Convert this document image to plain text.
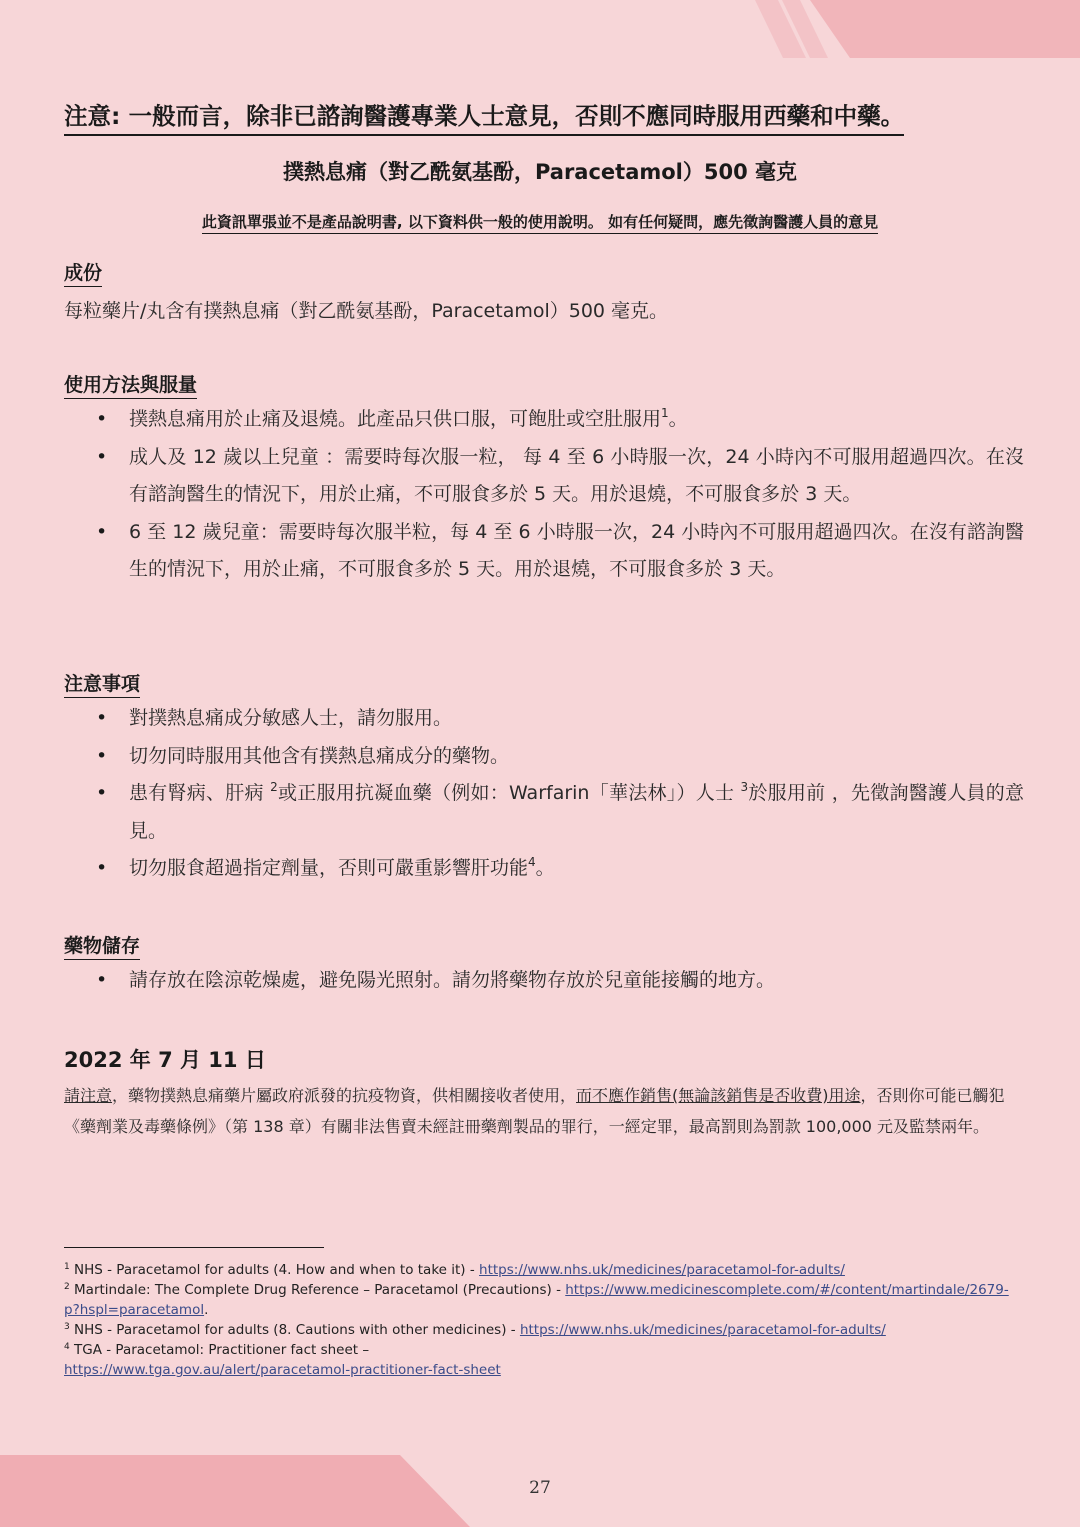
注意: 一般而言，除非已諮詢醫護專業人士意見，否則不應同時服用西藥和中藥。
撲熱息痛（對乙酰氨基酚，Paracetamol）500 毫克
此資訊單張並不是產品說明書, 以下資料供一般的使用說明。 如有任何疑問，應先徵詢醫護人員的意見
成份
每粒藥片/丸含有撲熱息痛（對乙酰氨基酚，Paracetamol）500 毫克。
使用方法與服量
• 撲熱息痛用於止痛及退燒。此產品只供口服，可飽肚或空肚服用$^1$。
• 成人及 12 歲以上兒童 ：需要時每次服一粒， 每 4 至 6 小時服一次，24 小時內不可服用超過四次。在沒有諮詢醫生的情況下，用於止痛，不可服食多於 5 天。用於退燒，不可服食多於 3 天。
• 6 至 12 歲兒童：需要時每次服半粒，每 4 至 6 小時服一次，24 小時內不可服用超過四次。在沒有諮詢醫生的情況下，用於止痛，不可服食多於 5 天。用於退燒，不可服食多於 3 天。
注意事項
• 對撲熱息痛成分敏感人士，請勿服用。
• 切勿同時服用其他含有撲熱息痛成分的藥物。
• 患有腎病、肝病 $^2$或正服用抗凝血藥（例如：Warfarin「華法林」）人士 $^3$於服用前 ，先徵詢醫護人員的意見。
• 切勿服食超過指定劑量，否則可嚴重影響肝功能$^4$。
藥物儲存
• 請存放在陰涼乾燥處，避免陽光照射。請勿將藥物存放於兒童能接觸的地方。
2022 年 7 月 11 日
請注意，藥物撲熱息痛藥片屬政府派發的抗疫物資，供相關接收者使用，而不應作銷售(無論該銷售是否收費)用途，否則你可能已觸犯《藥劑業及毒藥條例》（第 138 章）有關非法售賣未經註冊藥劑製品的罪行，一經定罪，最高罰則為罰款 100,000 元及監禁兩年。

$^1$ NHS - Paracetamol for adults (4. How and when to take it) - https://www.nhs.uk/medicines/paracetamol-for-adults/

$^2$ Martindale: The Complete Drug Reference – Paracetamol (Precautions) - https://www.medicinescomplete.com/#/content/martindale/2679-p?hspl=paracetamol.

$^3$ NHS - Paracetamol for adults (8. Cautions with other medicines) - https://www.nhs.uk/medicines/paracetamol-for-adults/

$^4$ TGA - Paracetamol: Practitioner fact sheet –
https://www.tga.gov.au/alert/paracetamol-practitioner-fact-sheet

27
